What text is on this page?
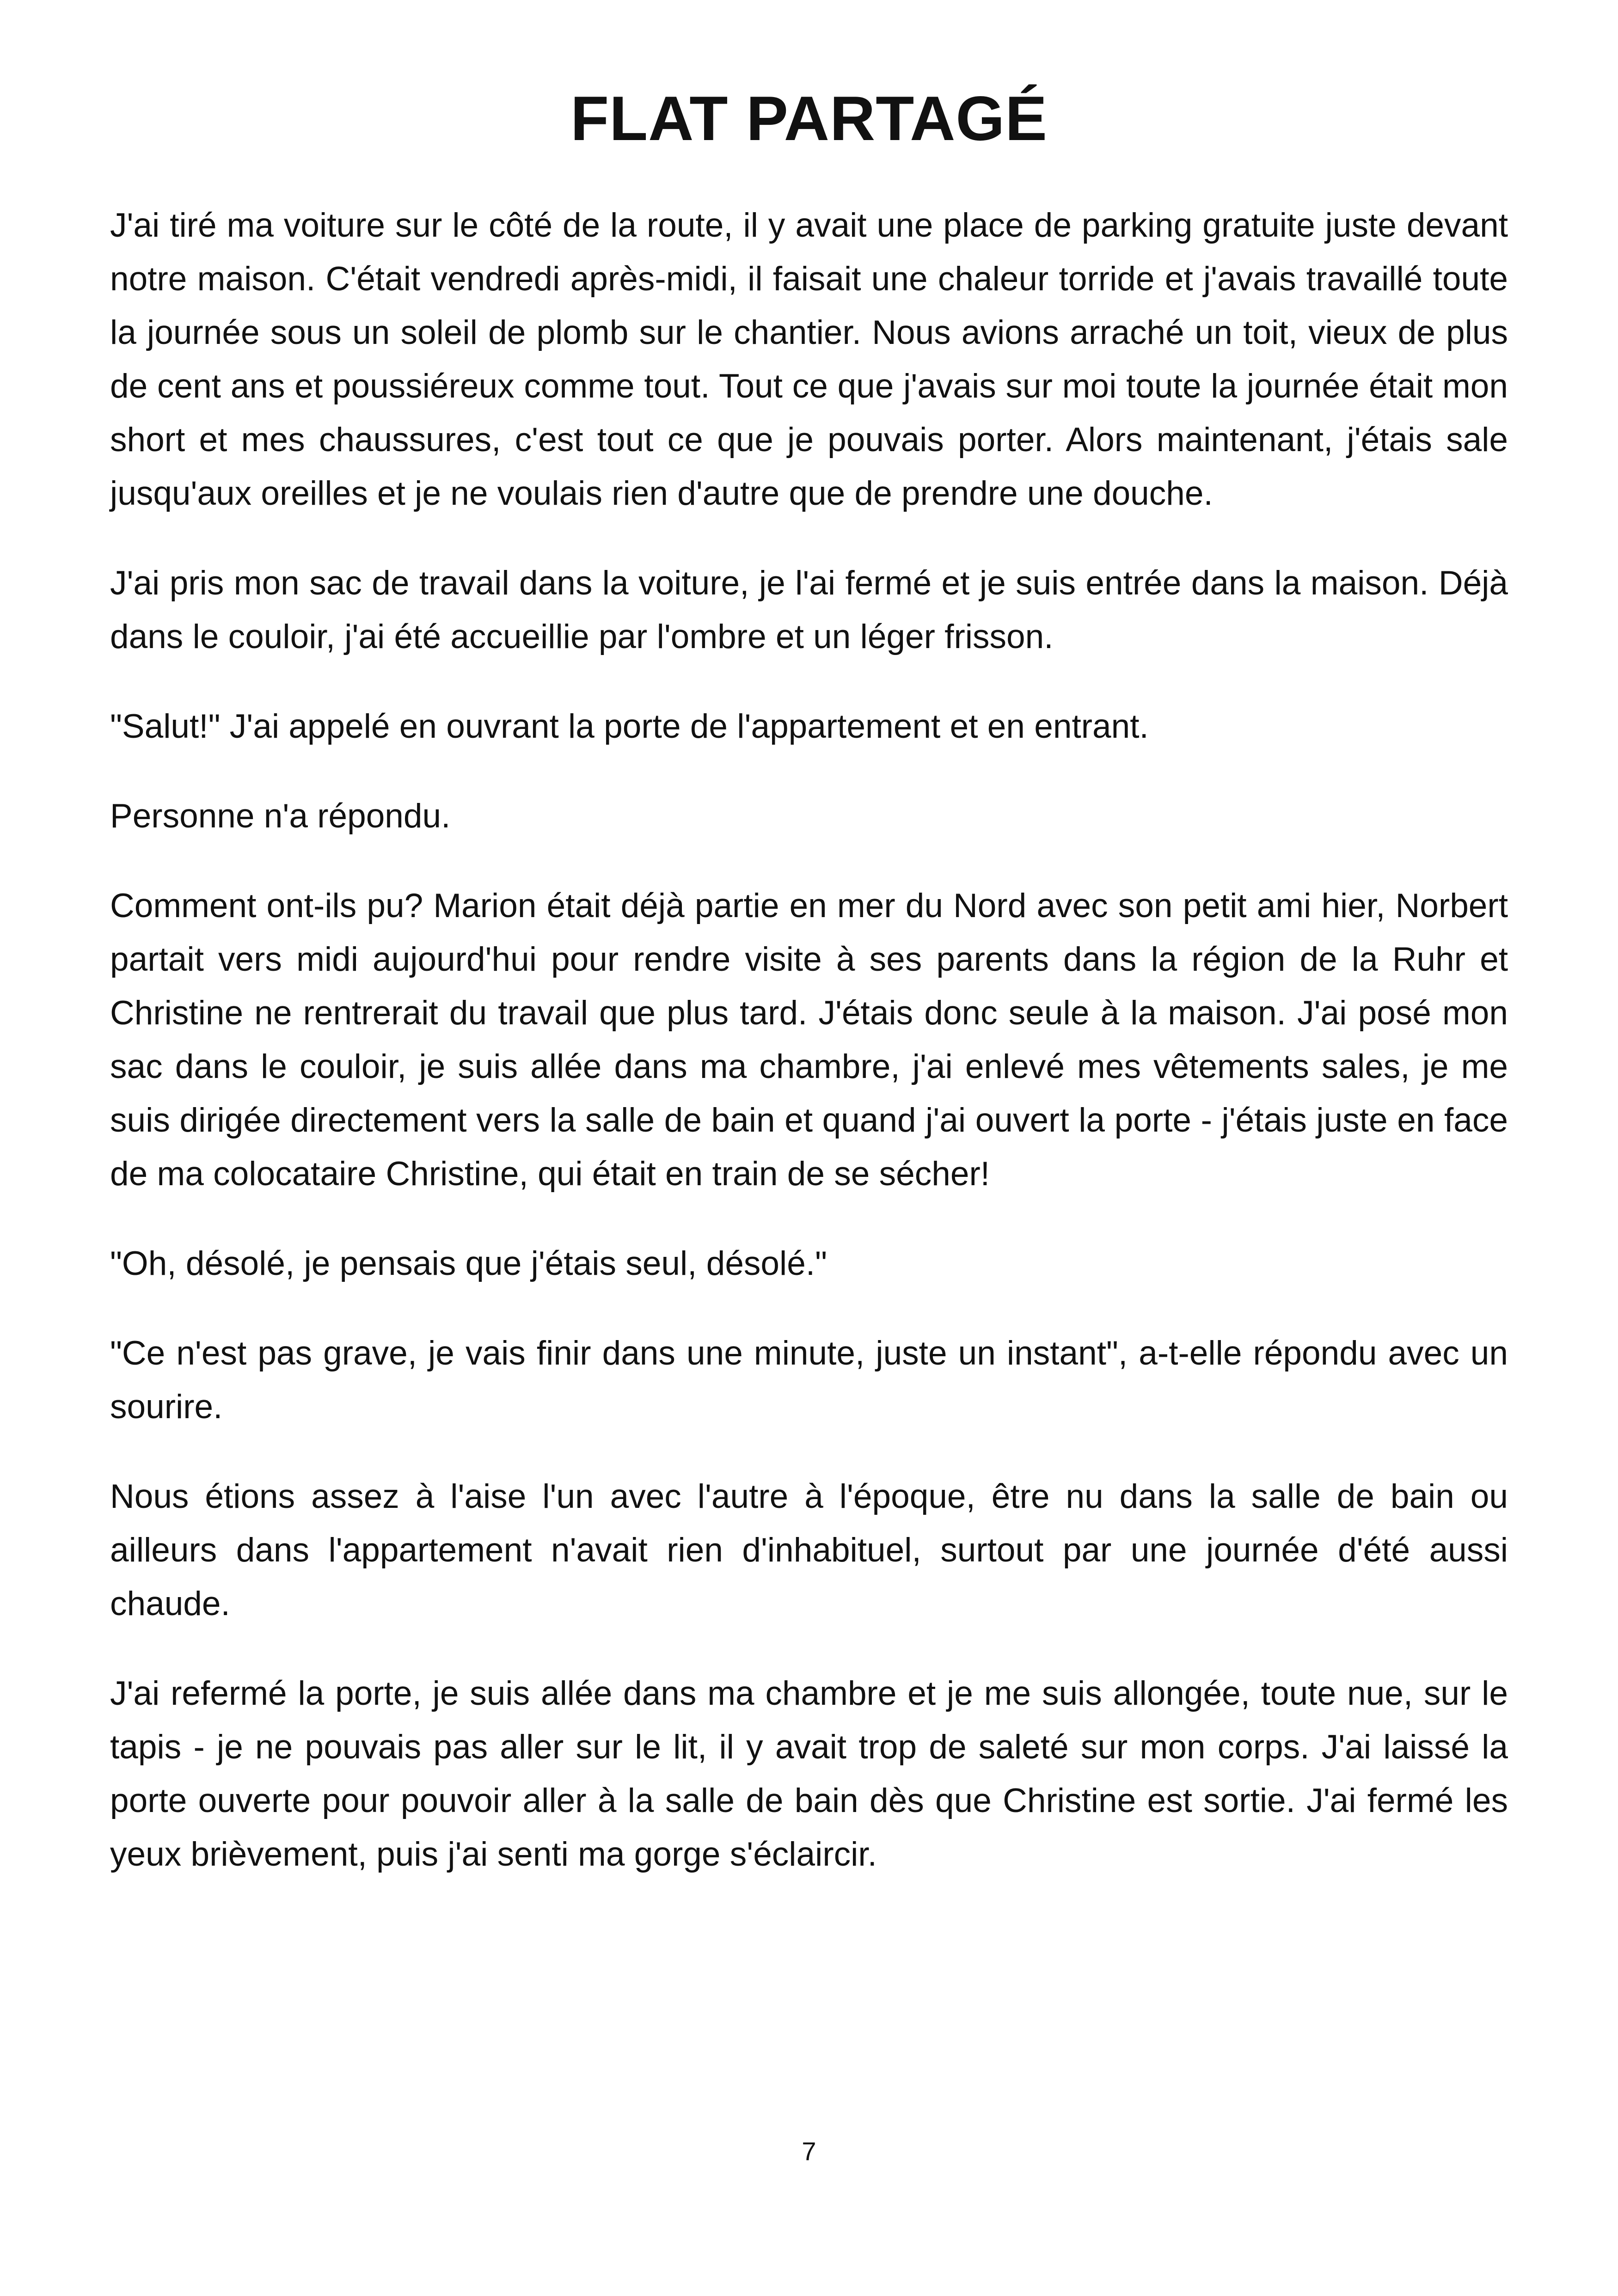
FLAT PARTAGÉ

J'ai tiré ma voiture sur le côté de la route, il y avait une place de parking gratuite juste devant notre maison. C'était vendredi après-midi, il faisait une chaleur torride et j'avais travaillé toute la journée sous un soleil de plomb sur le chantier. Nous avions arraché un toit, vieux de plus de cent ans et poussiéreux comme tout. Tout ce que j'avais sur moi toute la journée était mon short et mes chaussures, c'est tout ce que je pouvais porter. Alors maintenant, j'étais sale jusqu'aux oreilles et je ne voulais rien d'autre que de prendre une douche.

J'ai pris mon sac de travail dans la voiture, je l'ai fermé et je suis entrée dans la maison. Déjà dans le couloir, j'ai été accueillie par l'ombre et un léger frisson.

"Salut!" J'ai appelé en ouvrant la porte de l'appartement et en entrant.

Personne n'a répondu.

Comment ont-ils pu? Marion était déjà partie en mer du Nord avec son petit ami hier, Norbert partait vers midi aujourd'hui pour rendre visite à ses parents dans la région de la Ruhr et Christine ne rentrerait du travail que plus tard. J'étais donc seule à la maison. J'ai posé mon sac dans le couloir, je suis allée dans ma chambre, j'ai enlevé mes vêtements sales, je me suis dirigée directement vers la salle de bain et quand j'ai ouvert la porte - j'étais juste en face de ma colocataire Christine, qui était en train de se sécher!

"Oh, désolé, je pensais que j'étais seul, désolé."

"Ce n'est pas grave, je vais finir dans une minute, juste un instant", a-t-elle répondu avec un sourire.

Nous étions assez à l'aise l'un avec l'autre à l'époque, être nu dans la salle de bain ou ailleurs dans l'appartement n'avait rien d'inhabituel, surtout par une journée d'été aussi chaude.

J'ai refermé la porte, je suis allée dans ma chambre et je me suis allongée, toute nue, sur le tapis - je ne pouvais pas aller sur le lit, il y avait trop de saleté sur mon corps. J'ai laissé la porte ouverte pour pouvoir aller à la salle de bain dès que Christine est sortie. J'ai fermé les yeux brièvement, puis j'ai senti ma gorge s'éclaircir.

7
